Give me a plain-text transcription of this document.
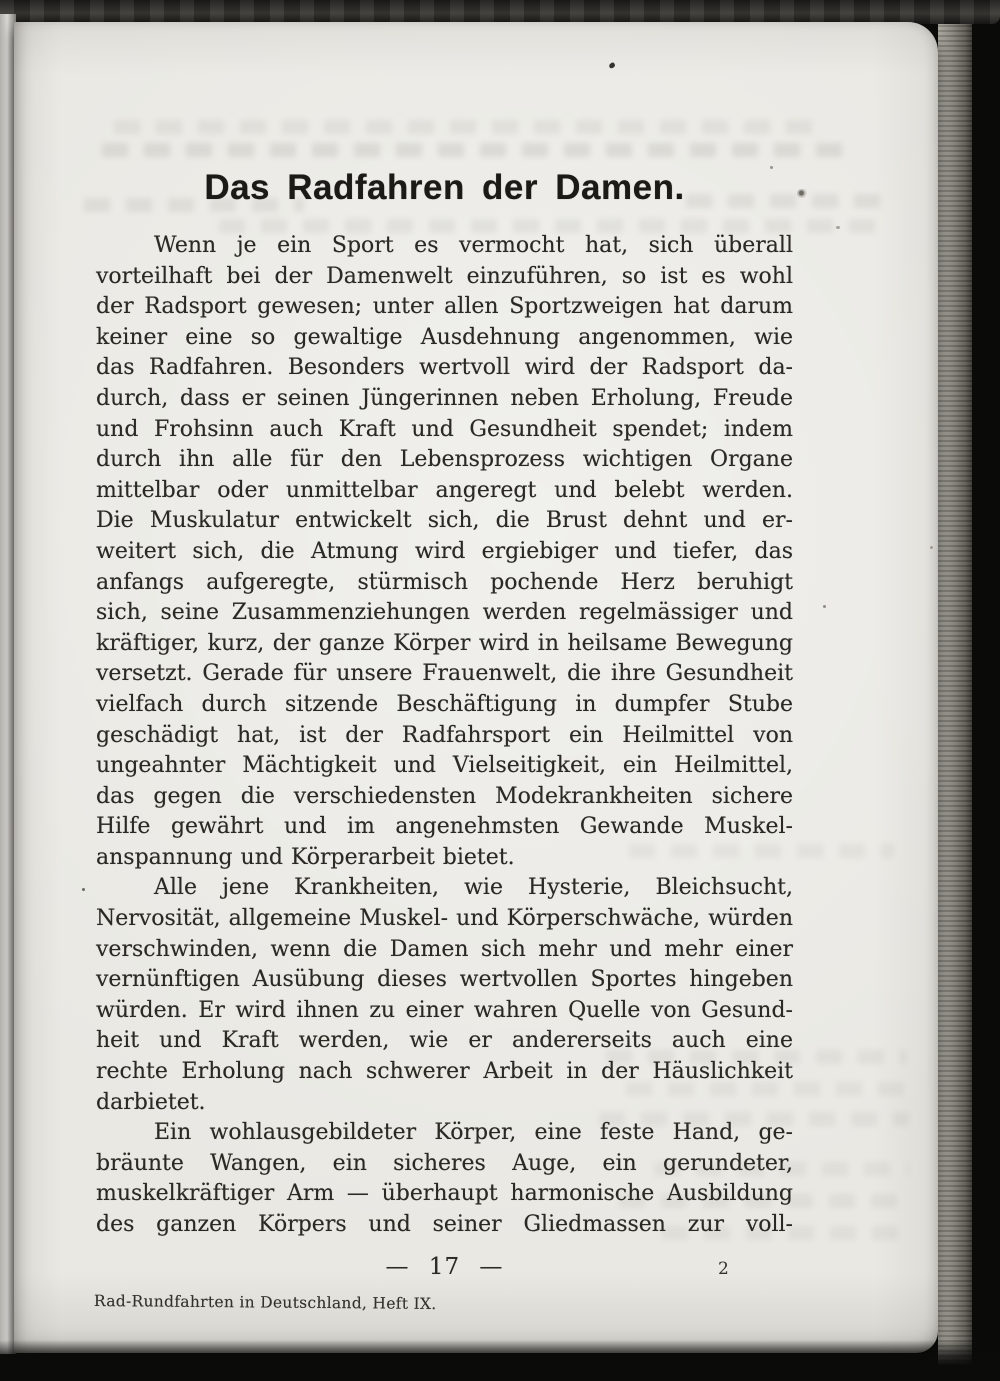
Das Radfahren der Damen.
Wenn je ein Sport es vermocht hat, sich überall
vorteilhaft bei der Damenwelt einzuführen, so ist es wohl
der Radsport gewesen; unter allen Sportzweigen hat darum
keiner eine so gewaltige Ausdehnung angenommen, wie
das Radfahren. Besonders wertvoll wird der Radsport da-
durch, dass er seinen Jüngerinnen neben Erholung, Freude
und Frohsinn auch Kraft und Gesundheit spendet; indem
durch ihn alle für den Lebensprozess wichtigen Organe
mittelbar oder unmittelbar angeregt und belebt werden.
Die Muskulatur entwickelt sich, die Brust dehnt und er-
weitert sich, die Atmung wird ergiebiger und tiefer, das
anfangs aufgeregte, stürmisch pochende Herz beruhigt
sich, seine Zusammenziehungen werden regelmässiger und
kräftiger, kurz, der ganze Körper wird in heilsame Bewegung
versetzt. Gerade für unsere Frauenwelt, die ihre Gesundheit
vielfach durch sitzende Beschäftigung in dumpfer Stube
geschädigt hat, ist der Radfahrsport ein Heilmittel von
ungeahnter Mächtigkeit und Vielseitigkeit, ein Heilmittel,
das gegen die verschiedensten Modekrankheiten sichere
Hilfe gewährt und im angenehmsten Gewande Muskel-
anspannung und Körperarbeit bietet.
Alle jene Krankheiten, wie Hysterie, Bleichsucht,
Nervosität, allgemeine Muskel- und Körperschwäche, würden
verschwinden, wenn die Damen sich mehr und mehr einer
vernünftigen Ausübung dieses wertvollen Sportes hingeben
würden. Er wird ihnen zu einer wahren Quelle von Gesund-
heit und Kraft werden, wie er andererseits auch eine
rechte Erholung nach schwerer Arbeit in der Häuslichkeit
darbietet.
Ein wohlausgebildeter Körper, eine feste Hand, ge-
bräunte Wangen, ein sicheres Auge, ein gerundeter,
muskelkräftiger Arm — überhaupt harmonische Ausbildung
des ganzen Körpers und seiner Gliedmassen zur voll-
— 17 —	2
Rad-Rundfahrten in Deutschland, Heft IX.
